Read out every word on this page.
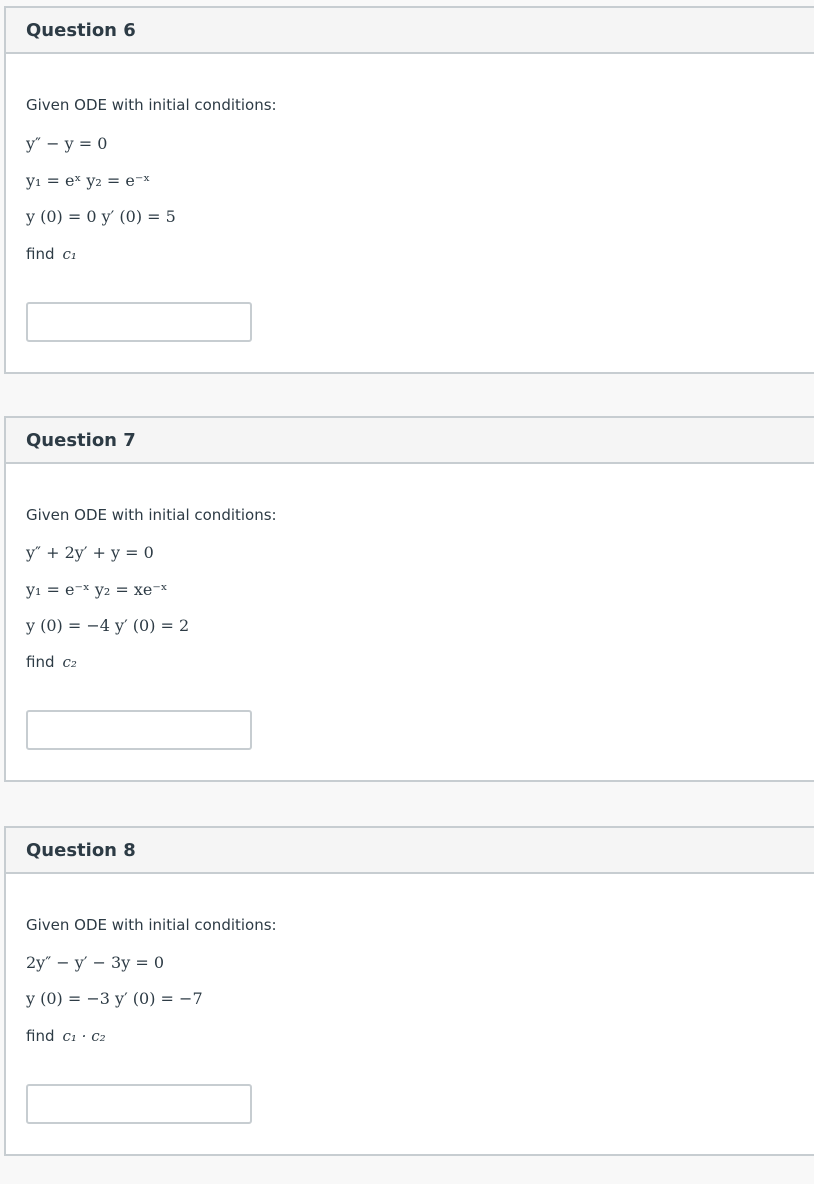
Question 6
Given ODE with initial conditions:
y″ − y = 0
y₁ = eˣ y₂ = e⁻ˣ
y (0) = 0 y′ (0) = 5
find c₁
Question 7
Given ODE with initial conditions:
y″ + 2y′ + y = 0
y₁ = e⁻ˣ y₂ = xe⁻ˣ
y (0) = −4 y′ (0) = 2
find c₂
Question 8
Given ODE with initial conditions:
2y″ − y′ − 3y = 0
y (0) = −3 y′ (0) = −7
find c₁ · c₂
